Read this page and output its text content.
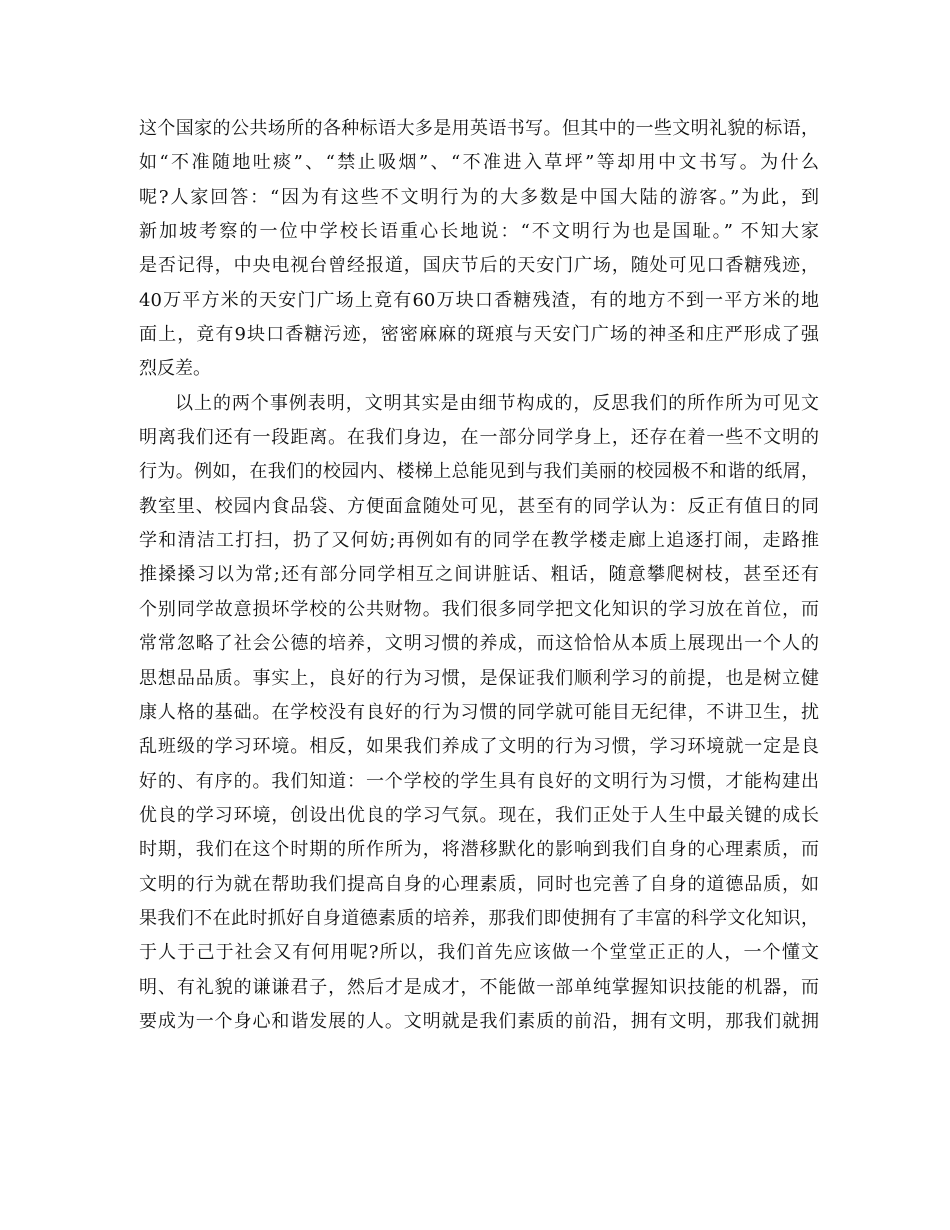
这个国家的公共场所的各种标语大多是用英语书写。但其中的一些文明礼貌的标语，
如“不准随地吐痰”、“禁止吸烟”、“不准进入草坪”等却用中文书写。为什么
呢?人家回答：“因为有这些不文明行为的大多数是中国大陆的游客。”为此，到
新加坡考察的一位中学校长语重心长地说：“不文明行为也是国耻。” 不知大家
是否记得，中央电视台曾经报道，国庆节后的天安门广场，随处可见口香糖残迹，
40万平方米的天安门广场上竟有60万块口香糖残渣，有的地方不到一平方米的地
面上，竟有9块口香糖污迹，密密麻麻的斑痕与天安门广场的神圣和庄严形成了强
烈反差。
以上的两个事例表明，文明其实是由细节构成的，反思我们的所作所为可见文
明离我们还有一段距离。在我们身边，在一部分同学身上，还存在着一些不文明的
行为。例如，在我们的校园内、楼梯上总能见到与我们美丽的校园极不和谐的纸屑，
教室里、校园内食品袋、方便面盒随处可见，甚至有的同学认为：反正有值日的同
学和清洁工打扫，扔了又何妨;再例如有的同学在教学楼走廊上追逐打闹，走路推
推搡搡习以为常;还有部分同学相互之间讲脏话、粗话，随意攀爬树枝，甚至还有
个别同学故意损坏学校的公共财物。我们很多同学把文化知识的学习放在首位，而
常常忽略了社会公德的培养，文明习惯的养成，而这恰恰从本质上展现出一个人的
思想品品质。事实上，良好的行为习惯，是保证我们顺利学习的前提，也是树立健
康人格的基础。在学校没有良好的行为习惯的同学就可能目无纪律，不讲卫生，扰
乱班级的学习环境。相反，如果我们养成了文明的行为习惯，学习环境就一定是良
好的、有序的。我们知道：一个学校的学生具有良好的文明行为习惯，才能构建出
优良的学习环境，创设出优良的学习气氛。现在，我们正处于人生中最关键的成长
时期，我们在这个时期的所作所为，将潜移默化的影响到我们自身的心理素质，而
文明的行为就在帮助我们提高自身的心理素质，同时也完善了自身的道德品质，如
果我们不在此时抓好自身道德素质的培养，那我们即使拥有了丰富的科学文化知识，
于人于己于社会又有何用呢?所以，我们首先应该做一个堂堂正正的人，一个懂文
明、有礼貌的谦谦君子，然后才是成才，不能做一部单纯掌握知识技能的机器，而
要成为一个身心和谐发展的人。文明就是我们素质的前沿，拥有文明，那我们就拥
